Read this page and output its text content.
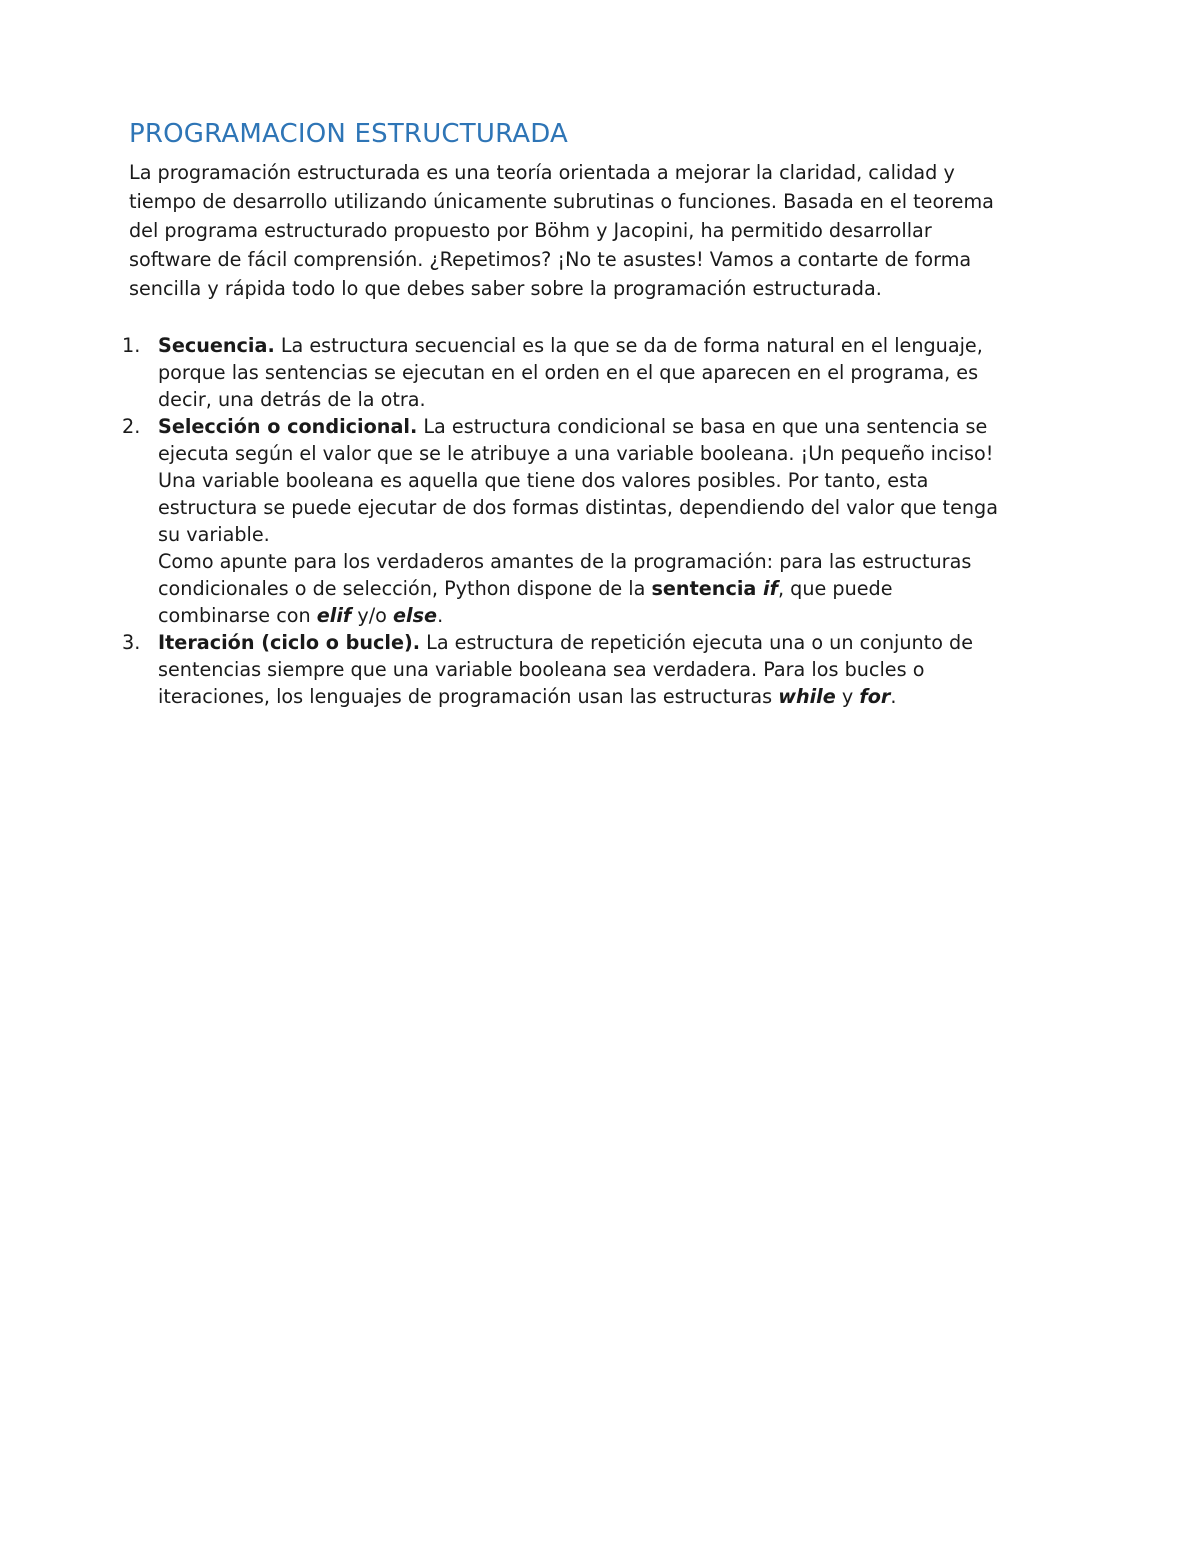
PROGRAMACION ESTRUCTURADA

La programación estructurada es una teoría orientada a mejorar la claridad, calidad y
tiempo de desarrollo utilizando únicamente subrutinas o funciones. Basada en el teorema
del programa estructurado propuesto por Böhm y Jacopini, ha permitido desarrollar
software de fácil comprensión. ¿Repetimos? ¡No te asustes! Vamos a contarte de forma
sencilla y rápida todo lo que debes saber sobre la programación estructurada.

1. Secuencia. La estructura secuencial es la que se da de forma natural en el lenguaje,
porque las sentencias se ejecutan en el orden en el que aparecen en el programa, es
decir, una detrás de la otra.
2. Selección o condicional. La estructura condicional se basa en que una sentencia se
ejecuta según el valor que se le atribuye a una variable booleana. ¡Un pequeño inciso!
Una variable booleana es aquella que tiene dos valores posibles. Por tanto, esta
estructura se puede ejecutar de dos formas distintas, dependiendo del valor que tenga
su variable.
Como apunte para los verdaderos amantes de la programación: para las estructuras
condicionales o de selección, Python dispone de la sentencia if, que puede
combinarse con elif y/o else.
3. Iteración (ciclo o bucle). La estructura de repetición ejecuta una o un conjunto de
sentencias siempre que una variable booleana sea verdadera. Para los bucles o
iteraciones, los lenguajes de programación usan las estructuras while y for.
